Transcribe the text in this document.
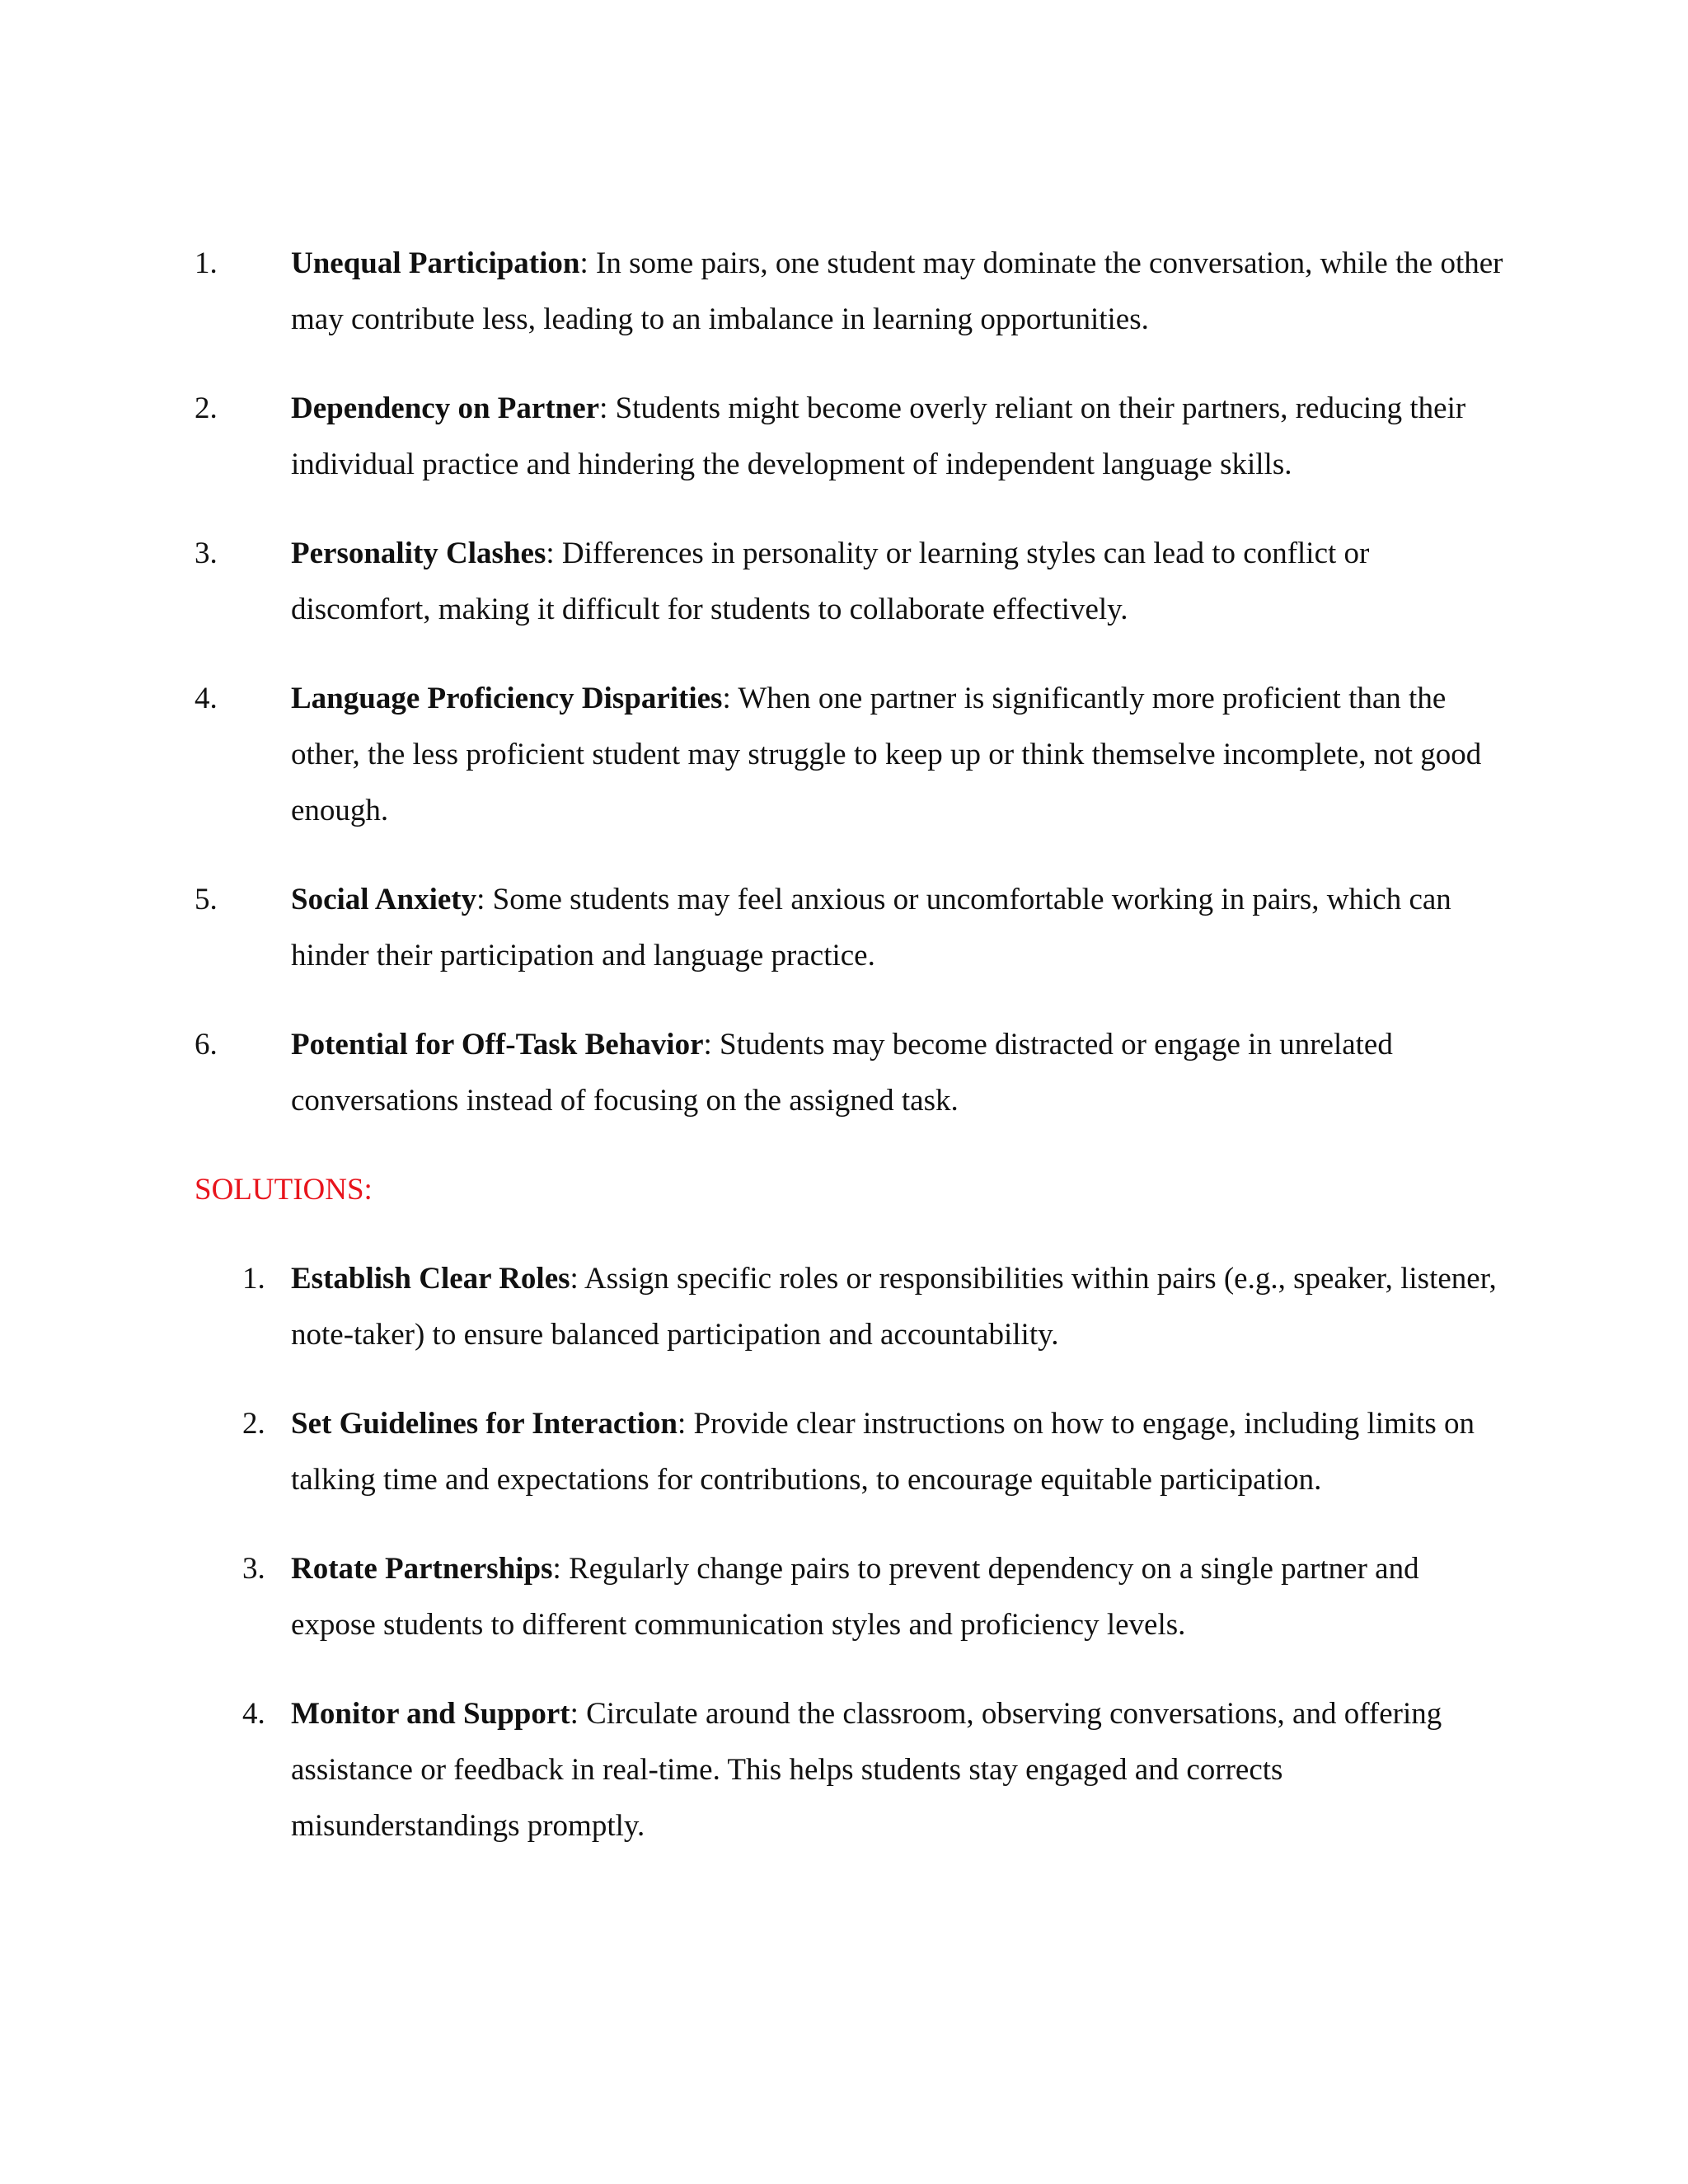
1.	Unequal Participation: In some pairs, one student may dominate the conversation, while the other may contribute less, leading to an imbalance in learning opportunities.
2.	Dependency on Partner: Students might become overly reliant on their partners, reducing their individual practice and hindering the development of independent language skills.
3.	Personality Clashes: Differences in personality or learning styles can lead to conflict or discomfort, making it difficult for students to collaborate effectively.
4.	Language Proficiency Disparities: When one partner is significantly more proficient than the other, the less proficient student may struggle to keep up or think themselve incomplete, not good enough.
5.	Social Anxiety: Some students may feel anxious or uncomfortable working in pairs, which can hinder their participation and language practice.
6.	Potential for Off-Task Behavior: Students may become distracted or engage in unrelated conversations instead of focusing on the assigned task.
SOLUTIONS:
1. Establish Clear Roles: Assign specific roles or responsibilities within pairs (e.g., speaker, listener, note-taker) to ensure balanced participation and accountability.
2. Set Guidelines for Interaction: Provide clear instructions on how to engage, including limits on talking time and expectations for contributions, to encourage equitable participation.
3. Rotate Partnerships: Regularly change pairs to prevent dependency on a single partner and expose students to different communication styles and proficiency levels.
4. Monitor and Support: Circulate around the classroom, observing conversations, and offering assistance or feedback in real-time. This helps students stay engaged and corrects misunderstandings promptly.
